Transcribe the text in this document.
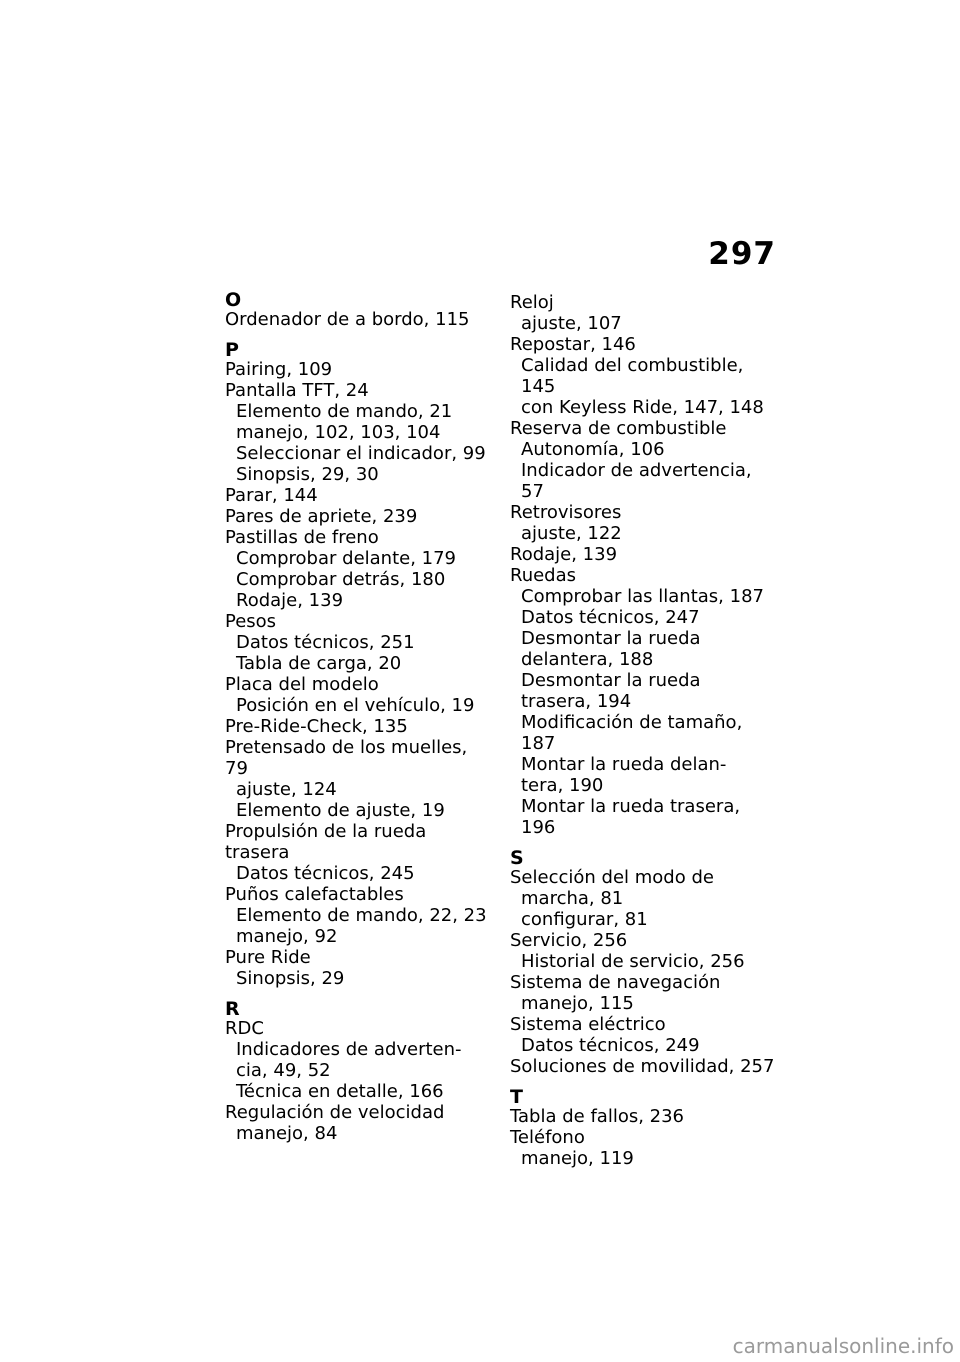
297
O
Ordenador de a bordo, 115
P
Pairing, 109
Pantalla TFT, 24
Elemento de mando, 21
manejo, 102, 103, 104
Seleccionar el indicador, 99
Sinopsis, 29, 30
Parar, 144
Pares de apriete, 239
Pastillas de freno
Comprobar delante, 179
Comprobar detrás, 180
Rodaje, 139
Pesos
Datos técnicos, 251
Tabla de carga, 20
Placa del modelo
Posición en el vehículo, 19
Pre-Ride-Check, 135
Pretensado de los muelles, 79
ajuste, 124
Elemento de ajuste, 19
Propulsión de la rueda trasera
Datos técnicos, 245
Puños calefactables
Elemento de mando, 22, 23
manejo, 92
Pure Ride
Sinopsis, 29
R
RDC
Indicadores de adverten-
cia, 49, 52
Técnica en detalle, 166
Regulación de velocidad
manejo, 84
Reloj
ajuste, 107
Repostar, 146
Calidad del combustible, 145
con Keyless Ride, 147, 148
Reserva de combustible
Autonomía, 106
Indicador de advertencia, 57
Retrovisores
ajuste, 122
Rodaje, 139
Ruedas
Comprobar las llantas, 187
Datos técnicos, 247
Desmontar la rueda
delantera, 188
Desmontar la rueda
trasera, 194
Modificación de tamaño, 187
Montar la rueda delan-
tera, 190
Montar la rueda trasera, 196
S
Selección del modo de
marcha, 81
configurar, 81
Servicio, 256
Historial de servicio, 256
Sistema de navegación
manejo, 115
Sistema eléctrico
Datos técnicos, 249
Soluciones de movilidad, 257
T
Tabla de fallos, 236
Teléfono
manejo, 119
carmanualsonline.info
